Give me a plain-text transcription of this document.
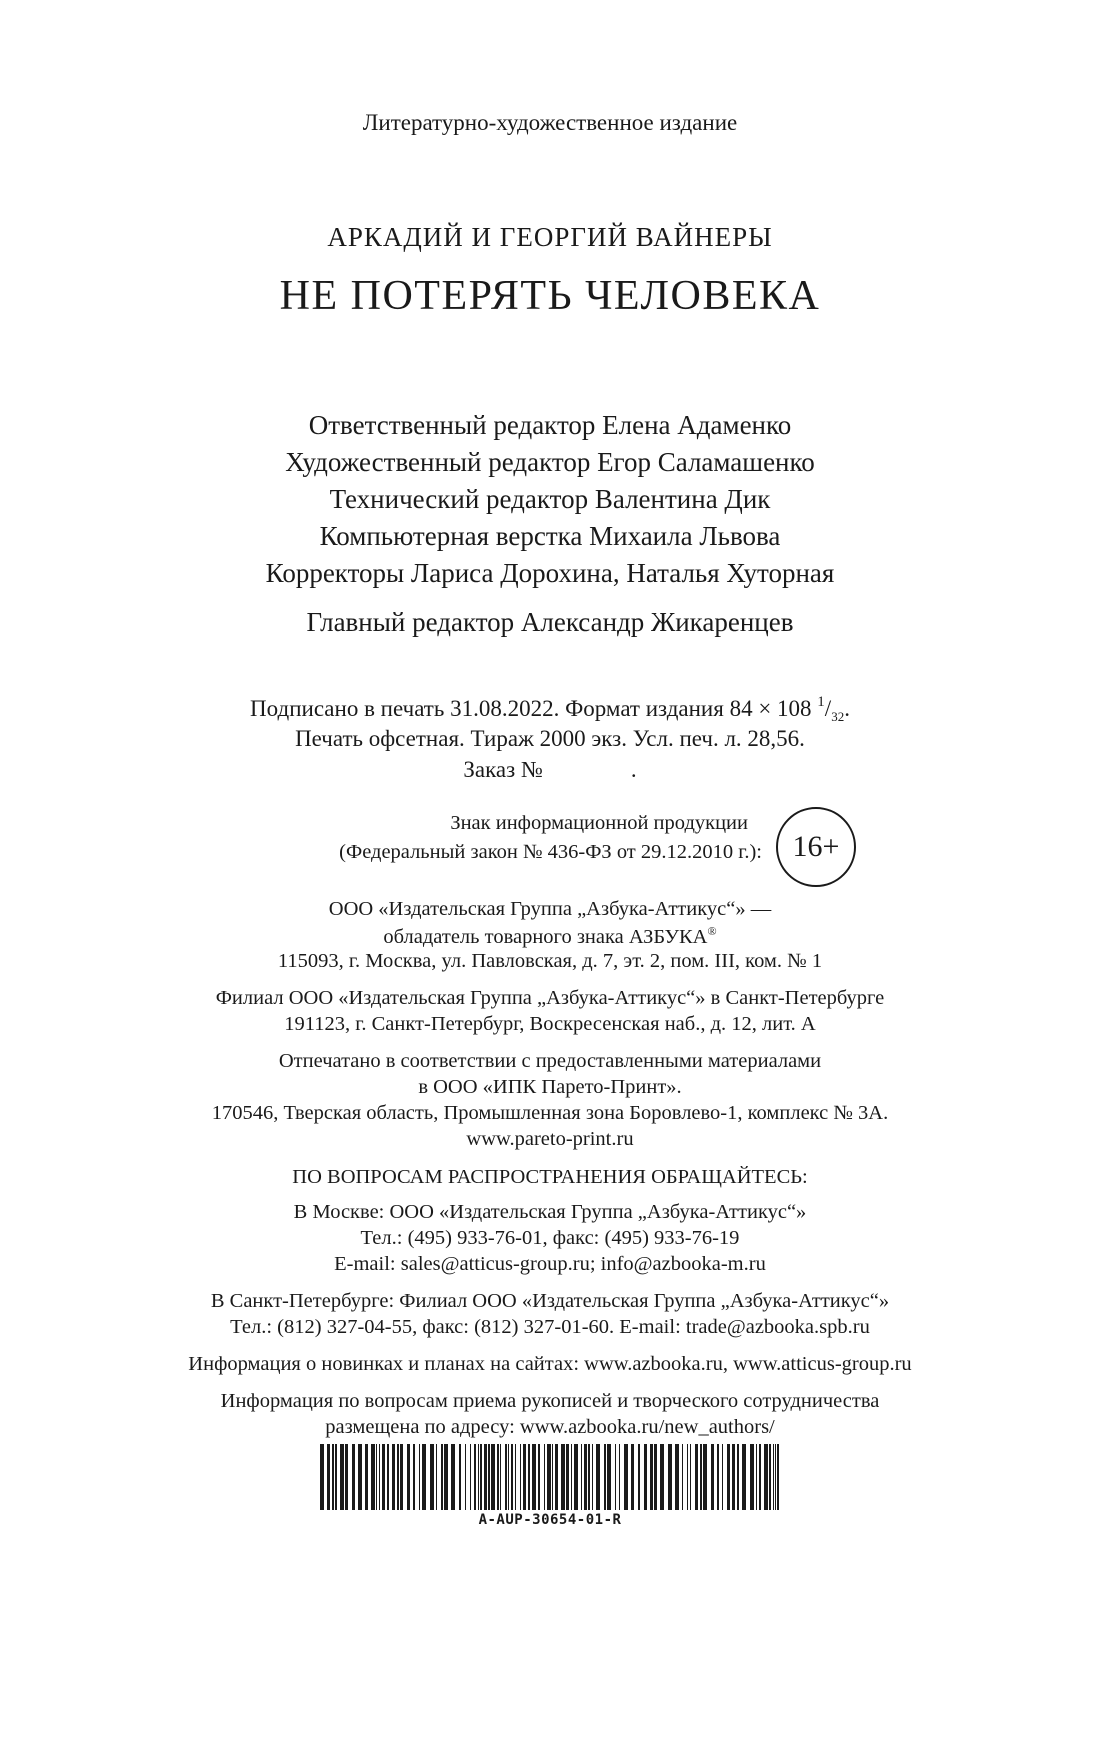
Литературно-художественное издание
АРКАДИЙ И ГЕОРГИЙ ВАЙНЕРЫ
НЕ ПОТЕРЯТЬ ЧЕЛОВЕКА
Ответственный редактор Елена Адаменко
Художественный редактор Егор Саламашенко
Технический редактор Валентина Дик
Компьютерная верстка Михаила Львова
Корректоры Лариса Дорохина, Наталья Хуторная
Главный редактор Александр Жикаренцев
Подписано в печать 31.08.2022. Формат издания 84 × 108 $^1/_{32}$.
Печать офсетная. Тираж 2000 экз. Усл. печ. л. 28,56.
Заказ №	.
Знак информационной продукции
(Федеральный закон № 436-ФЗ от 29.12.2010 г.):	16+
ООО «Издательская Группа „Азбука-Аттикус“» —
обладатель товарного знака АЗБУКА®
115093, г. Москва, ул. Павловская, д. 7, эт. 2, пом. III, ком. № 1
Филиал ООО «Издательская Группа „Азбука-Аттикус“» в Санкт-Петербурге
191123, г. Санкт-Петербург, Воскресенская наб., д. 12, лит. А
Отпечатано в соответствии с предоставленными материалами
в ООО «ИПК Парето-Принт».
170546, Тверская область, Промышленная зона Боровлево-1, комплекс № 3А.
www.pareto-print.ru
ПО ВОПРОСАМ РАСПРОСТРАНЕНИЯ ОБРАЩАЙТЕСЬ:
В Москве: ООО «Издательская Группа „Азбука-Аттикус“»
Тел.: (495) 933-76-01, факс: (495) 933-76-19
E-mail: sales@atticus-group.ru; info@azbooka-m.ru
В Санкт-Петербурге: Филиал ООО «Издательская Группа „Азбука-Аттикус“»
Тел.: (812) 327-04-55, факс: (812) 327-01-60. E-mail: trade@azbooka.spb.ru
Информация о новинках и планах на сайтах: www.azbooka.ru, www.atticus-group.ru
Информация по вопросам приема рукописей и творческого сотрудничества
размещена по адресу: www.azbooka.ru/new_authors/
A-AUP-30654-01-R
